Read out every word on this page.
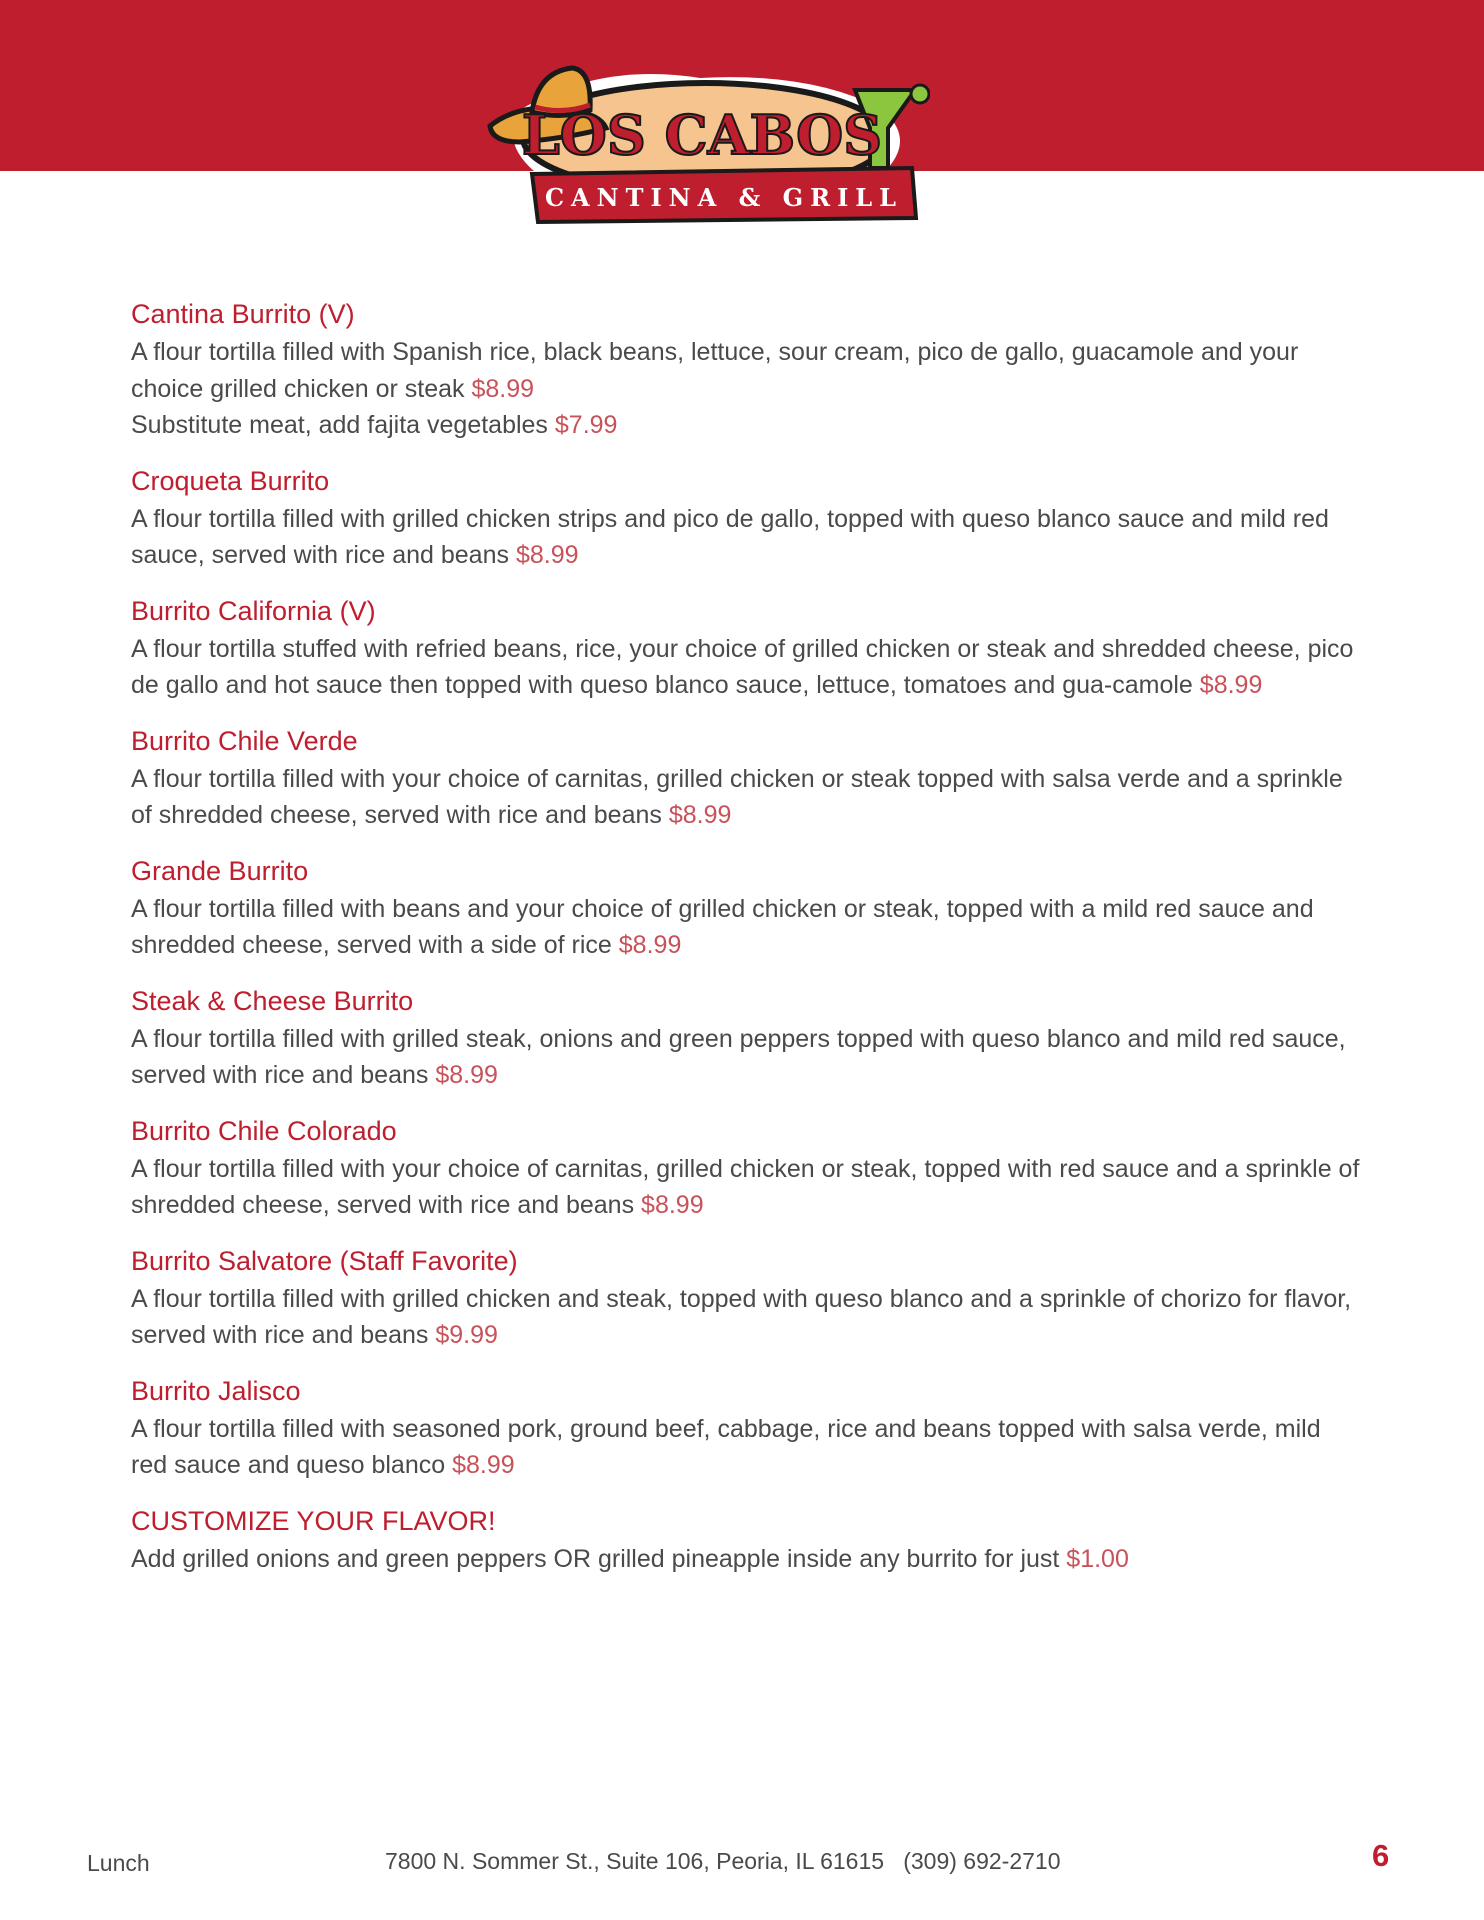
LOS CABOS
CANTINA & GRILL
Cantina Burrito (V)

A flour tortilla filled with Spanish rice, black beans, lettuce, sour cream, pico de gallo, guacamole and your choice grilled chicken or steak $8.99

Substitute meat, add fajita vegetables $7.99

Croqueta Burrito

A flour tortilla filled with grilled chicken strips and pico de gallo, topped with queso blanco sauce and mild red sauce, served with rice and beans $8.99

Burrito California (V)

A flour tortilla stuffed with refried beans, rice, your choice of grilled chicken or steak and shredded cheese, pico de gallo and hot sauce then topped with queso blanco sauce, lettuce, tomatoes and gua-camole $8.99

Burrito Chile Verde

A flour tortilla filled with your choice of carnitas, grilled chicken or steak topped with salsa verde and a sprinkle of shredded cheese, served with rice and beans $8.99

Grande Burrito

A flour tortilla filled with beans and your choice of grilled chicken or steak, topped with a mild red sauce and shredded cheese, served with a side of rice $8.99

Steak & Cheese Burrito

A flour tortilla filled with grilled steak, onions and green peppers topped with queso blanco and mild red sauce, served with rice and beans $8.99

Burrito Chile Colorado

A flour tortilla filled with your choice of carnitas, grilled chicken or steak, topped with red sauce and a sprinkle of shredded cheese, served with rice and beans $8.99

Burrito Salvatore (Staff Favorite)

A flour tortilla filled with grilled chicken and steak, topped with queso blanco and a sprinkle of chorizo for flavor, served with rice and beans $9.99

Burrito Jalisco

A flour tortilla filled with seasoned pork, ground beef, cabbage, rice and beans topped with salsa verde, mild red sauce and queso blanco $8.99

CUSTOMIZE YOUR FLAVOR!

Add grilled onions and green peppers OR grilled pineapple inside any burrito for just $1.00

Lunch	7800 N. Sommer St., Suite 106, Peoria, IL 61615   (309) 692-2710	6
